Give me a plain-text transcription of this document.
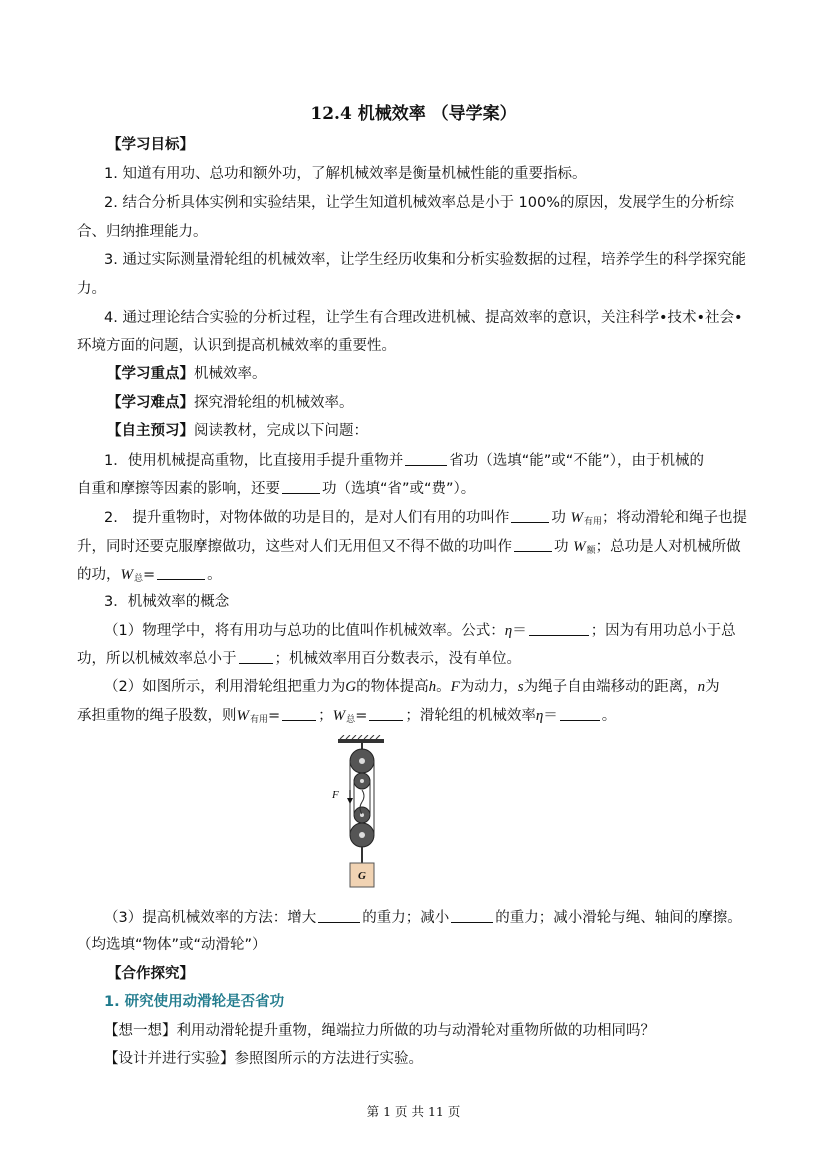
12.4 机械效率 （导学案）
【学习目标】
1. 知道有用功、总功和额外功，了解机械效率是衡量机械性能的重要指标。
2. 结合分析具体实例和实验结果，让学生知道机械效率总是小于 100%的原因，发展学生的分析综
合、归纳推理能力。
3. 通过实际测量滑轮组的机械效率，让学生经历收集和分析实验数据的过程，培养学生的科学探究能
力。
4. 通过理论结合实验的分析过程，让学生有合理改进机械、提高效率的意识，关注科学•技术•社会•
环境方面的问题，认识到提高机械效率的重要性。
【学习重点】机械效率。
【学习难点】探究滑轮组的机械效率。
【自主预习】阅读教材，完成以下问题：
1．使用机械提高重物，比直接用手提升重物并	省功（选填“能”或“不能”），由于机械的
自重和摩擦等因素的影响，还要	功（选填“省”或“费”）。
2.　提升重物时，对物体做的功是目的，是对人们有用的功叫作	功 $W_{有用}$；将动滑轮和绳子也提
升，同时还要克服摩擦做功，这些对人们无用但又不得不做的功叫作	功 $W_额$；总功是人对机械所做
的功，$W_总=$	。
3．机械效率的概念
（1）物理学中，将有用功与总功的比值叫作机械效率。公式：η＝	；因为有用功总小于总
功，所以机械效率总小于	；机械效率用百分数表示，没有单位。
（2）如图所示，利用滑轮组把重力为G的物体提高h。F为动力，s为绳子自由端移动的距离，n为
承担重物的绳子股数，则$W_{有用}=$	；$W_总=$	；滑轮组的机械效率η＝	。
F
G
（3）提高机械效率的方法：增大	的重力；减小	的重力；减小滑轮与绳、轴间的摩擦。
（均选填“物体”或“动滑轮”）
【合作探究】
1. 研究使用动滑轮是否省功
【想一想】利用动滑轮提升重物，绳端拉力所做的功与动滑轮对重物所做的功相同吗？
【设计并进行实验】参照图所示的方法进行实验。
第 1 页 共 11 页
